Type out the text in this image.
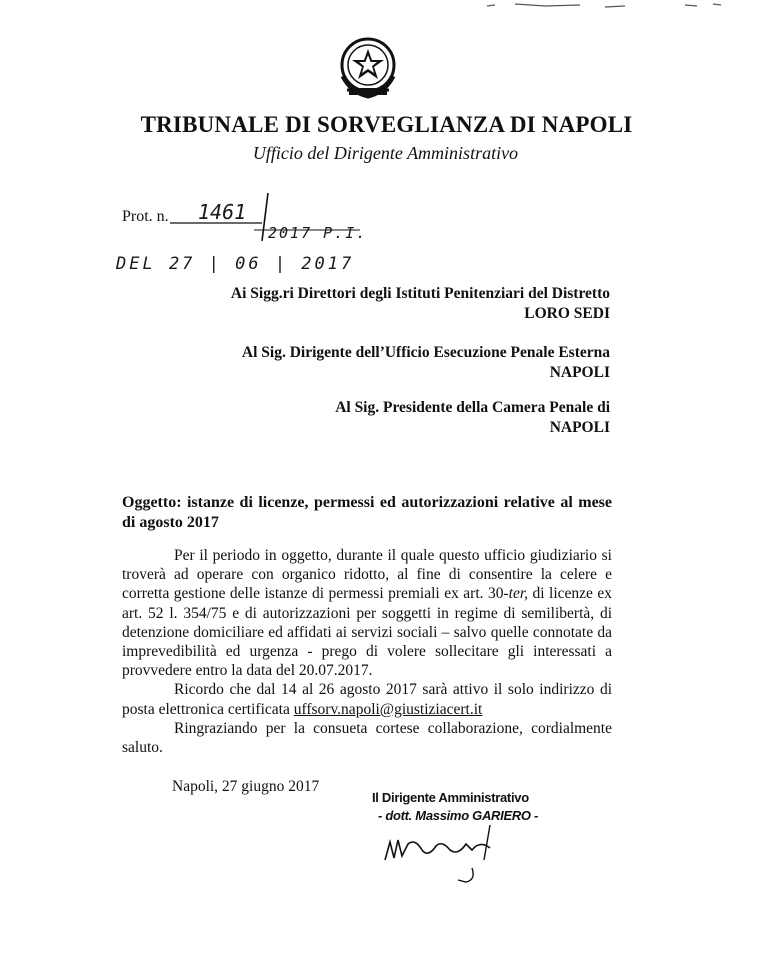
TRIBUNALE DI SORVEGLIANZA DI NAPOLI
Ufficio del Dirigente Amministrativo
Prot. n. 1461
2017 P.I.
DEL 27 | 06 | 2017
Ai Sigg.ri Direttori degli Istituti Penitenziari del Distretto
LORO SEDI
Al Sig. Dirigente dell’Ufficio Esecuzione Penale Esterna
NAPOLI
Al Sig. Presidente della Camera Penale di
NAPOLI
Oggetto: istanze di licenze, permessi ed autorizzazioni relative al mese di agosto 2017

Per il periodo in oggetto, durante il quale questo ufficio giudiziario si troverà ad operare con organico ridotto, al fine di consentire la celere e corretta gestione delle istanze di permessi premiali ex art. 30-ter, di licenze ex art. 52 l. 354/75 e di autorizzazioni per soggetti in regime di semilibertà, di detenzione domiciliare ed affidati ai servizi sociali – salvo quelle connotate da imprevedibilità ed urgenza - prego di volere sollecitare gli interessati a provvedere entro la data del 20.07.2017.

Ricordo che dal 14 al 26 agosto 2017 sarà attivo il solo indirizzo di posta elettronica certificata uffsorv.napoli@giustiziacert.it

Ringraziando per la consueta cortese collaborazione, cordialmente saluto.

Napoli, 27 giugno 2017
Il Dirigente Amministrativo
- dott. Massimo GARIERO -
